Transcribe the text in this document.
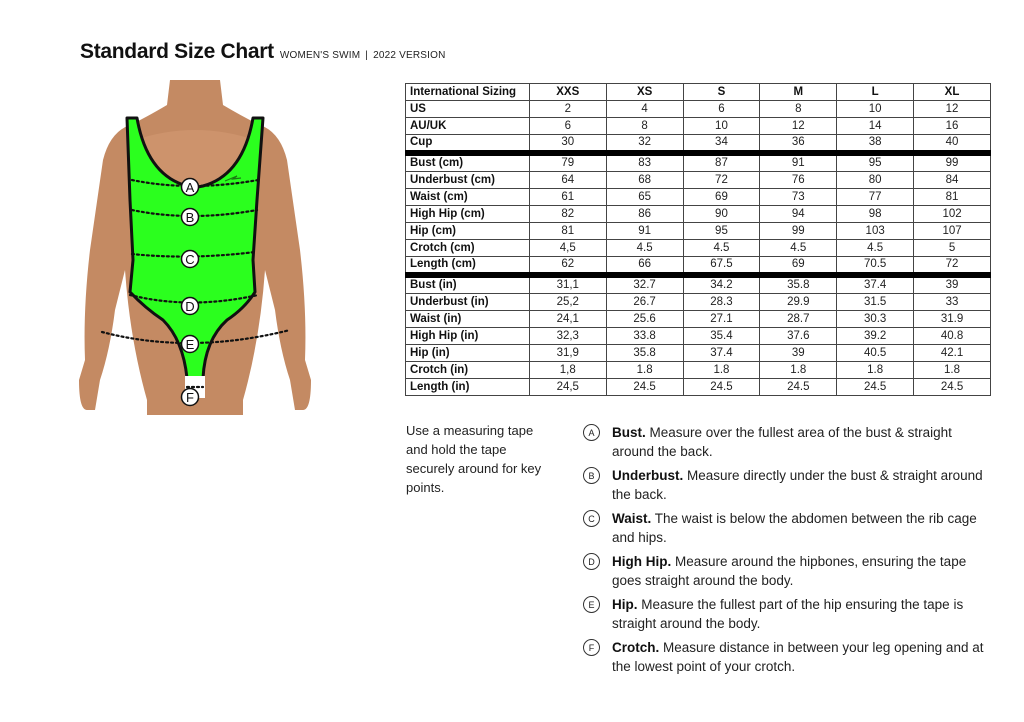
Standard Size Chart WOMEN'S SWIM | 2022 VERSION
A
B
C
D
E
F
International Sizing	XXS	XS	S	M	L	XL
US	2	4	6	8	10	12
AU/UK	6	8	10	12	14	16
Cup	30	32	34	36	38	40
Bust (cm)	79	83	87	91	95	99
Underbust (cm)	64	68	72	76	80	84
Waist (cm)	61	65	69	73	77	81
High Hip (cm)	82	86	90	94	98	102
Hip (cm)	81	91	95	99	103	107
Crotch (cm)	4,5	4.5	4.5	4.5	4.5	5
Length (cm)	62	66	67.5	69	70.5	72
Bust (in)	31,1	32.7	34.2	35.8	37.4	39
Underbust (in)	25,2	26.7	28.3	29.9	31.5	33
Waist (in)	24,1	25.6	27.1	28.7	30.3	31.9
High Hip (in)	32,3	33.8	35.4	37.6	39.2	40.8
Hip (in)	31,9	35.8	37.4	39	40.5	42.1
Crotch (in)	1,8	1.8	1.8	1.8	1.8	1.8
Length (in)	24,5	24.5	24.5	24.5	24.5	24.5
Use a measuring tape and hold the tape securely around for key points.
A	Bust. Measure over the fullest area of the bust & straight around the back.
B	Underbust. Measure directly under the bust & straight around the back.
C	Waist. The waist is below the abdomen between the rib cage and hips.
D	High Hip. Measure around the hipbones, ensuring the tape goes straight around the body.
E	Hip. Measure the fullest part of the hip ensuring the tape is straight around the body.
F	Crotch. Measure distance in between your leg opening and at the lowest point of your crotch.
